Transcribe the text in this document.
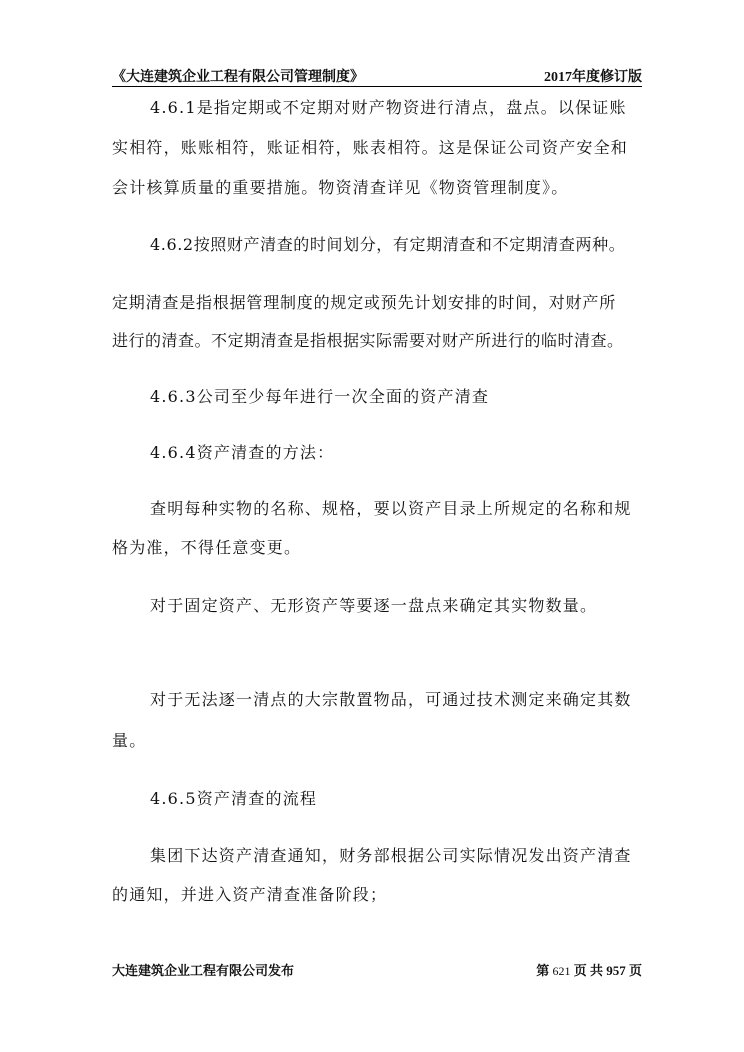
《大连建筑企业工程有限公司管理制度》	2017年度修订版
4.6.1是指定期或不定期对财产物资进行清点，盘点。以保证账
实相符，账账相符，账证相符，账表相符。这是保证公司资产安全和
会计核算质量的重要措施。物资清查详见《物资管理制度》。
4.6.2按照财产清查的时间划分，有定期清查和不定期清查两种。
定期清查是指根据管理制度的规定或预先计划安排的时间，对财产所
进行的清查。不定期清查是指根据实际需要对财产所进行的临时清查。
4.6.3公司至少每年进行一次全面的资产清查
4.6.4资产清查的方法：
查明每种实物的名称、规格，要以资产目录上所规定的名称和规
格为准，不得任意变更。
对于固定资产、无形资产等要逐一盘点来确定其实物数量。
对于无法逐一清点的大宗散置物品，可通过技术测定来确定其数
量。
4.6.5资产清查的流程
集团下达资产清查通知，财务部根据公司实际情况发出资产清查
的通知，并进入资产清查准备阶段；
大连建筑企业工程有限公司发布	第 621 页 共 957 页
